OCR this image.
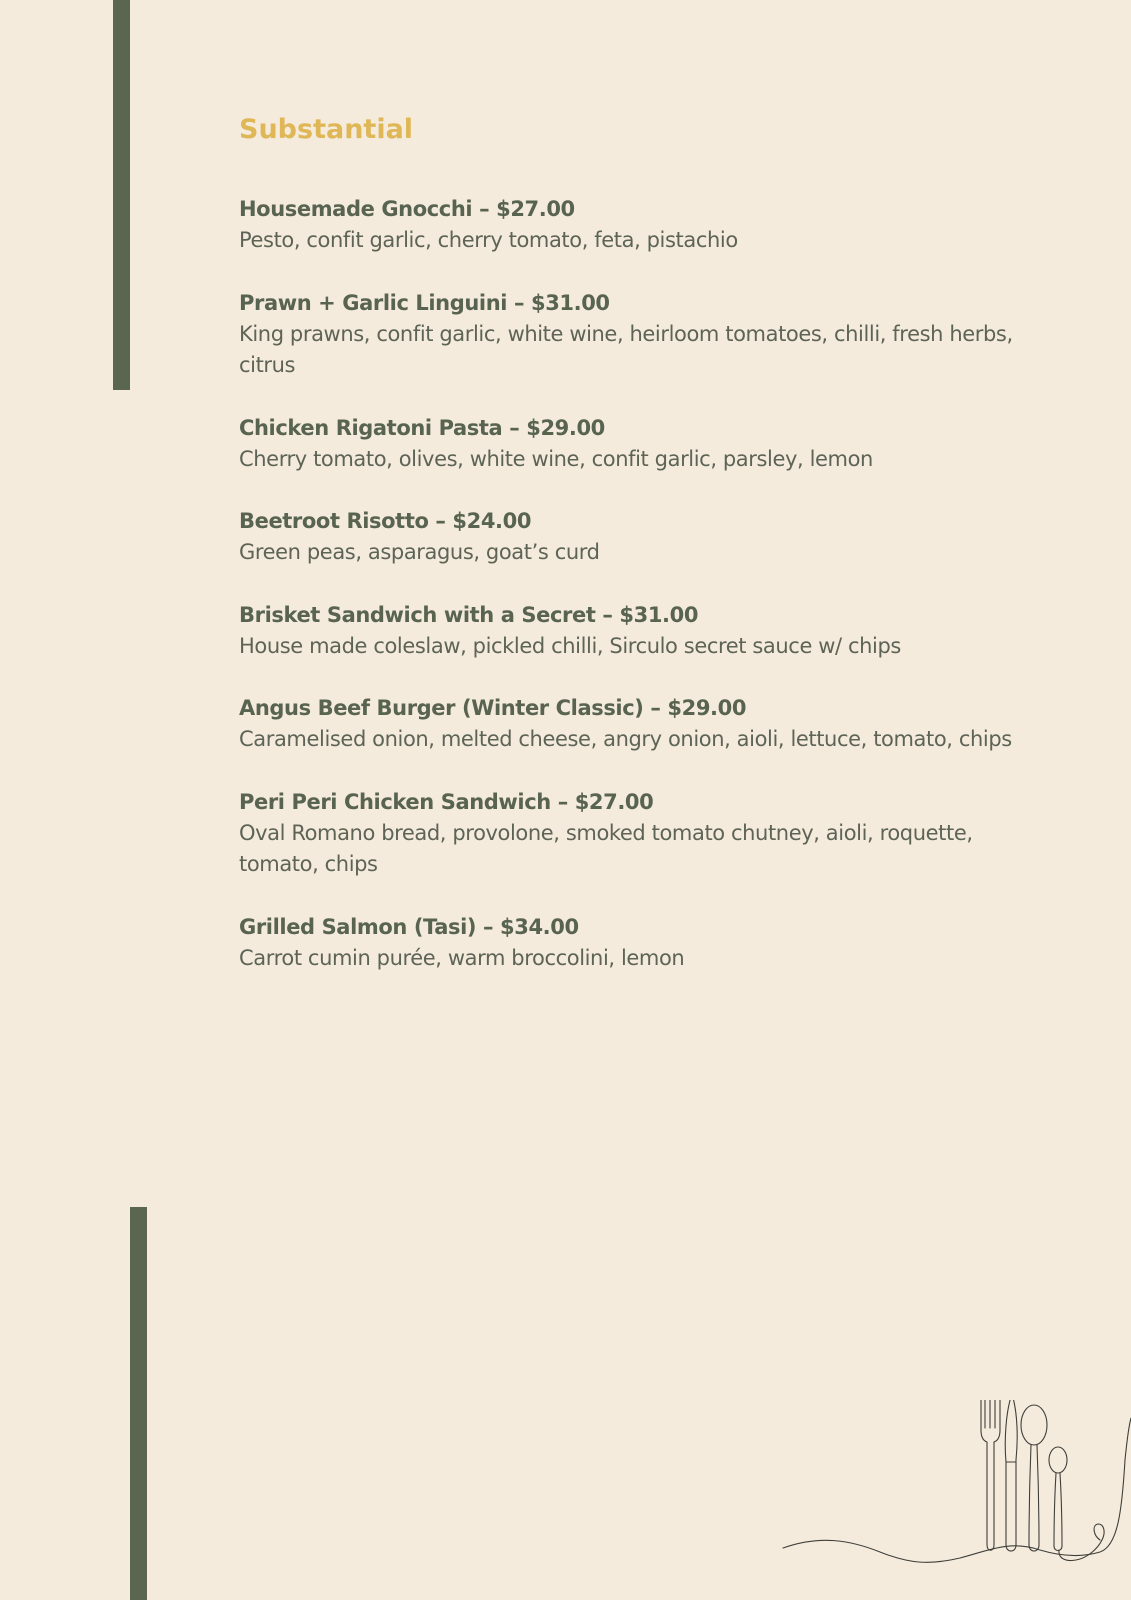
Substantial
Housemade Gnocchi – $27.00
Pesto, confit garlic, cherry tomato, feta, pistachio
Prawn + Garlic Linguini – $31.00
King prawns, confit garlic, white wine, heirloom tomatoes, chilli, fresh herbs, citrus
Chicken Rigatoni Pasta – $29.00
Cherry tomato, olives, white wine, confit garlic, parsley, lemon
Beetroot Risotto – $24.00
Green peas, asparagus, goat’s curd
Brisket Sandwich with a Secret – $31.00
House made coleslaw, pickled chilli, Sirculo secret sauce w/ chips
Angus Beef Burger (Winter Classic) – $29.00
Caramelised onion, melted cheese, angry onion, aioli, lettuce, tomato, chips
Peri Peri Chicken Sandwich – $27.00
Oval Romano bread, provolone, smoked tomato chutney, aioli, roquette, tomato, chips
Grilled Salmon (Tasi) – $34.00
Carrot cumin purée, warm broccolini, lemon
